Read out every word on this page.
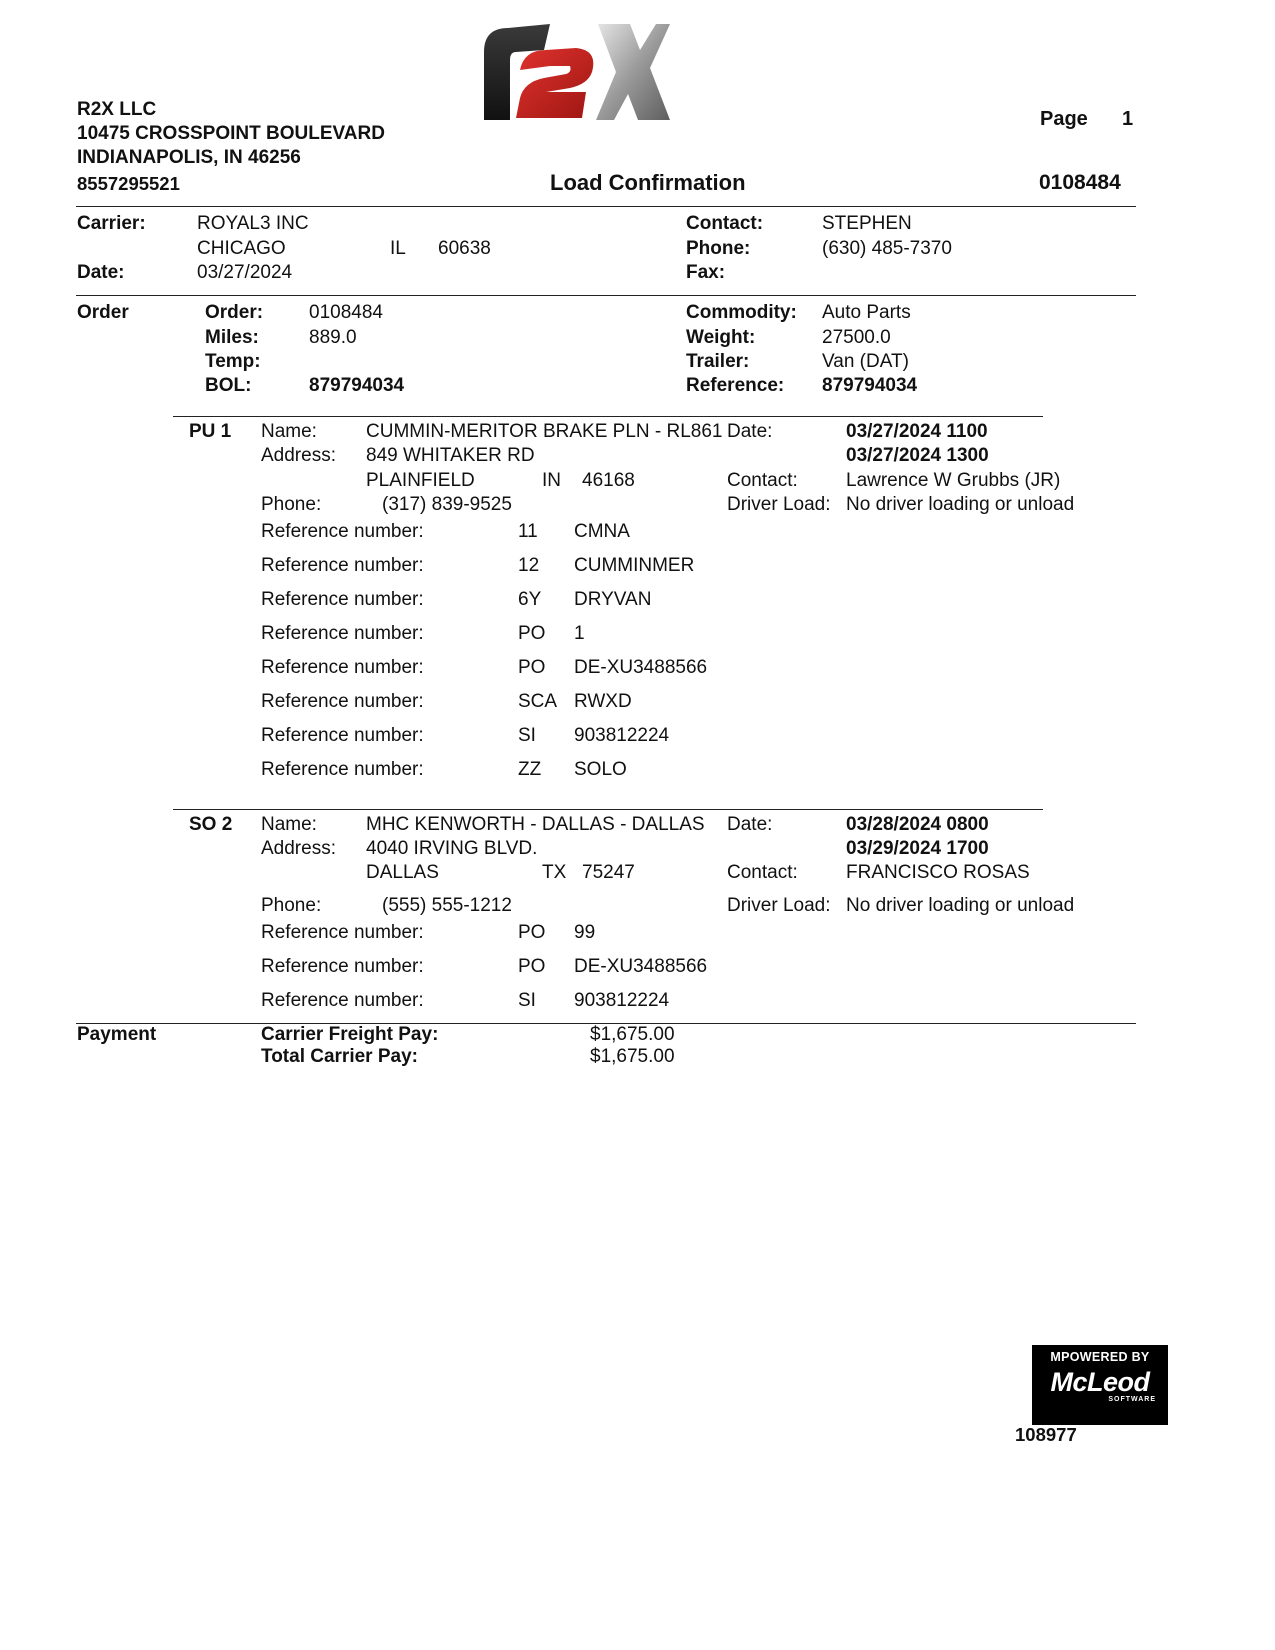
R2X LLC
10475 CROSSPOINT BOULEVARD
INDIANAPOLIS, IN 46256
8557295521
Page 1
Load Confirmation	0108484
Carrier:	ROYAL3 INC
CHICAGO	IL 60638
Date:	03/27/2024
Contact:	STEPHEN
Phone:	(630) 485-7370
Fax:
Order	Order: 0108484
Miles:	889.0
Temp:
BOL:	879794034
Commodity: Auto Parts
Weight:	27500.0
Trailer:	Van (DAT)
Reference: 879794034
PU 1 Name:	CUMMIN-MERITOR BRAKE PLN - RL861
Address: 849 WHITAKER RD
PLAINFIELD	IN 46168
Phone:	(317) 839-9525
Date:	03/27/2024 1100
03/27/2024 1300
Contact:	Lawrence W Grubbs (JR)
Driver Load: No driver loading or unload
Reference number:	11 CMNA
Reference number:	12 CUMMINMER
Reference number:	6Y DRYVAN
Reference number:	PO 1
Reference number:	PO DE-XU3488566
Reference number:	SCA RWXD
Reference number:	SI 903812224
Reference number:	ZZ SOLO
SO 2 Name:	MHC KENWORTH - DALLAS - DALLAS
Address: 4040 IRVING BLVD.
DALLAS	TX 75247
Phone:	(555) 555-1212
Date:	03/28/2024 0800
03/29/2024 1700
Contact:	FRANCISCO ROSAS
Driver Load: No driver loading or unload
Reference number:	PO 99
Reference number:	PO DE-XU3488566
Reference number:	SI 903812224
Payment	Carrier Freight Pay:	$1,675.00
Total Carrier Pay:	$1,675.00
MPOWERED BY
McLeod
SOFTWARE
108977
